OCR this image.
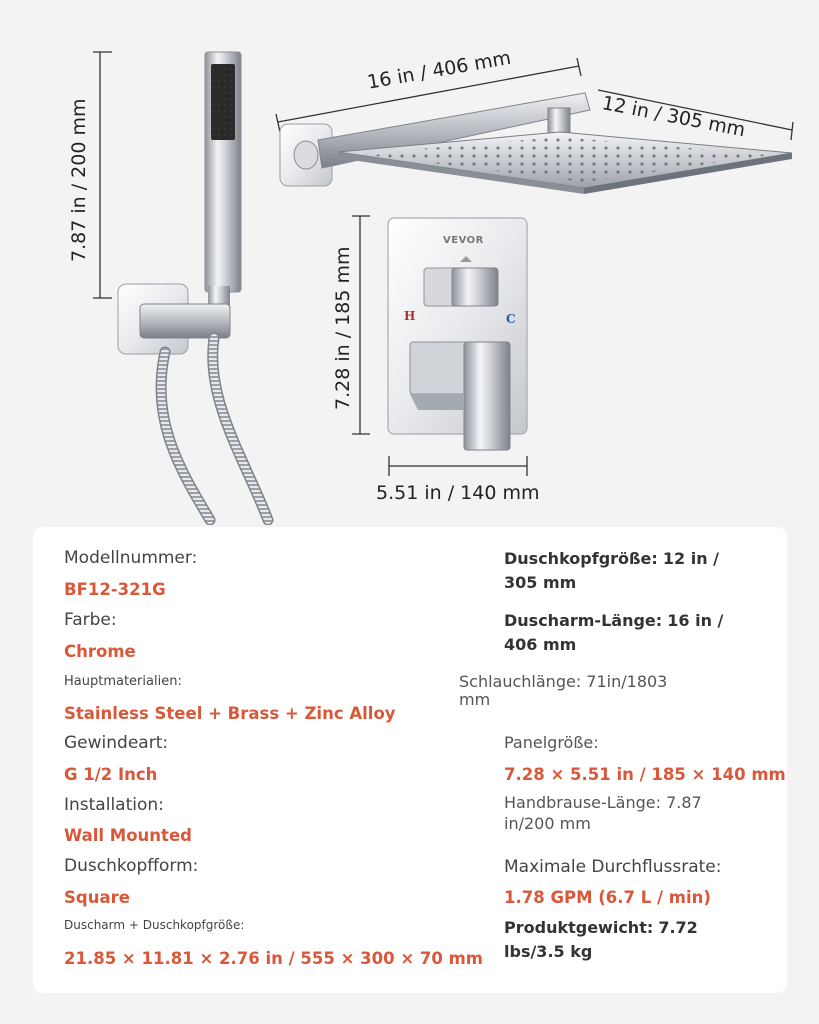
7.87 in / 200 mm
16 in / 406 mm
12 in / 305 mm
7.28 in / 185 mm
5.51 in / 140 mm
VEVOR
H	C
Modellnummer:
BF12-321G
Farbe:
Chrome
Hauptmaterialien:
Stainless Steel + Brass + Zinc Alloy
Gewindeart:
G 1/2 Inch
Installation:
Wall Mounted
Duschkopfform:
Square
Duscharm + Duschkopfgröße:
21.85 × 11.81 × 2.76 in / 555 × 300 × 70 mm
Duschkopfgröße: 12 in / 305 mm
Duscharm-Länge: 16 in / 406 mm
Schlauchlänge: 71in/1803 mm
Panelgröße:
7.28 × 5.51 in / 185 × 140 mm
Handbrause-Länge: 7.87 in/200 mm
Maximale Durchflussrate:
1.78 GPM (6.7 L / min)
Produktgewicht: 7.72 lbs/3.5 kg
